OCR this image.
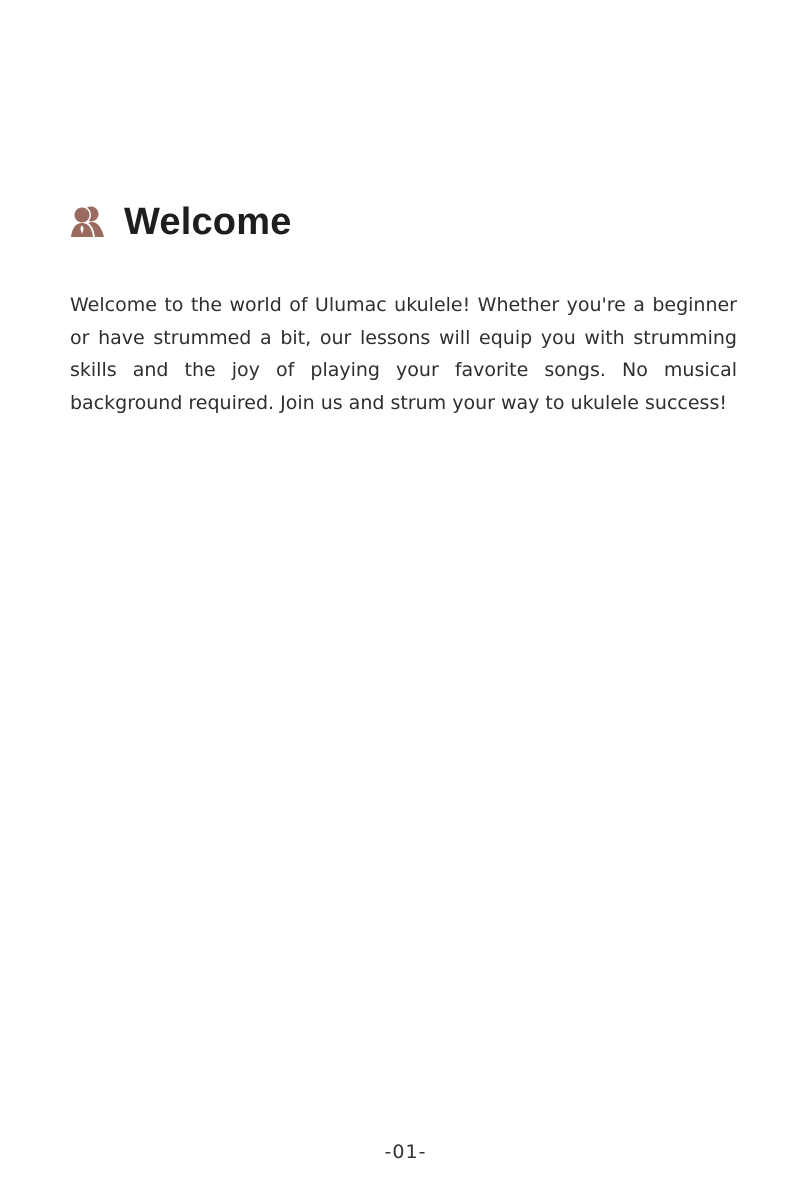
Welcome

Welcome to the world of Ulumac ukulele! Whether you're a beginner or have strummed a bit, our lessons will equip you with strumming skills and the joy of playing your favorite songs. No musical background required. Join us and strum your way to ukulele success!

-01-
